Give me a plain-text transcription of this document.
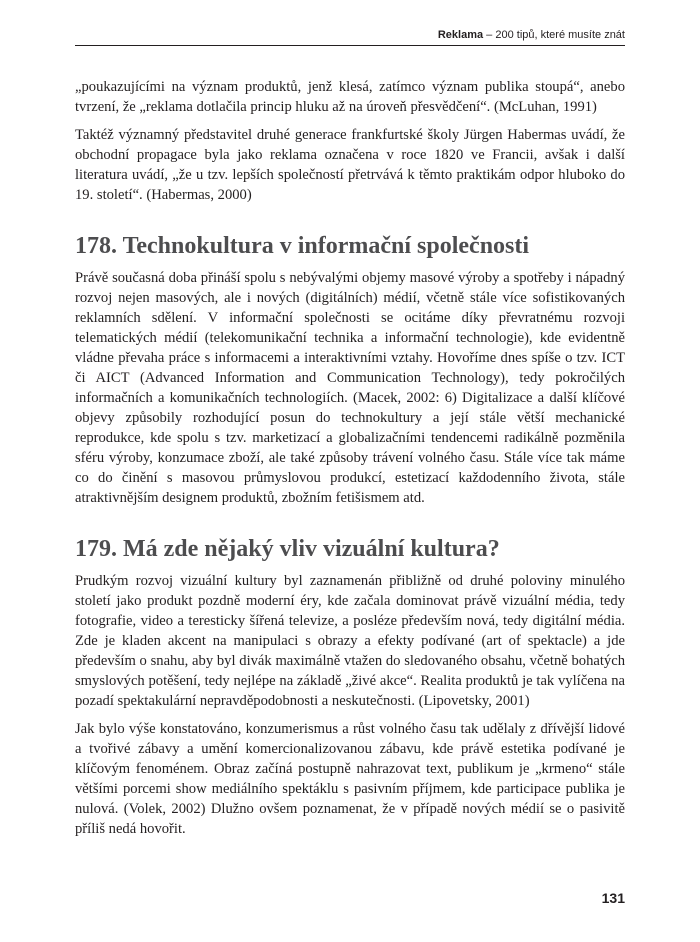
Reklama – 200 tipů, které musíte znát

„poukazujícími na význam produktů, jenž klesá, zatímco význam publika stoupá“, anebo tvrzení, že „reklama dotlačila princip hluku až na úroveň přesvědčení“. (McLuhan, 1991)

Taktéž významný představitel druhé generace frankfurtské školy Jürgen Habermas uvádí, že obchodní propagace byla jako reklama označena v roce 1820 ve Francii, avšak i další literatura uvádí, „že u tzv. lepších společností přetrvává k těmto praktikám odpor hluboko do 19. století“. (Habermas, 2000)

178. Technokultura v informační společnosti

Právě současná doba přináší spolu s nebývalými objemy masové výroby a spotřeby i nápadný rozvoj nejen masových, ale i nových (digitálních) médií, včetně stále více sofistikovaných reklamních sdělení. V informační společnosti se ocitáme díky převratnému rozvoji telematických médií (telekomunikační technika a informační technologie), kde evidentně vládne převaha práce s informacemi a interaktivními vztahy. Hovoříme dnes spíše o tzv. ICT či AICT (Advanced Information and Communication Technology), tedy pokročilých informačních a komunikačních technologiích. (Macek, 2002: 6) Digitalizace a další klíčové objevy způsobily rozhodující posun do technokultury a její stále větší mechanické reprodukce, kde spolu s tzv. marketizací a globalizačními tendencemi radikálně pozměnila sféru výroby, konzumace zboží, ale také způsoby trávení volného času. Stále více tak máme co do činění s masovou průmyslovou produkcí, estetizací každodenního života, stále atraktivnějším designem produktů, zbožním fetišismem atd.

179. Má zde nějaký vliv vizuální kultura?

Prudkým rozvoj vizuální kultury byl zaznamenán přibližně od druhé poloviny minulého století jako produkt pozdně moderní éry, kde začala dominovat právě vizuální média, tedy fotografie, video a teresticky šířená televize, a posléze především nová, tedy digitální média. Zde je kladen akcent na manipulaci s obrazy a efekty podívané (art of spektacle) a jde především o snahu, aby byl divák maximálně vtažen do sledovaného obsahu, včetně bohatých smyslových potěšení, tedy nejlépe na základě „živé akce“. Realita produktů je tak vylíčena na pozadí spektakulární nepravděpodobnosti a neskutečnosti. (Lipovetsky, 2001)

Jak bylo výše konstatováno, konzumerismus a růst volného času tak udělaly z dřívější lidové a tvořivé zábavy a umění komercionalizovanou zábavu, kde právě estetika podívané je klíčovým fenoménem. Obraz začíná postupně nahrazovat text, publikum je „krmeno“ stále většími porcemi show mediálního spektáklu s pasivním příjmem, kde participace publika je nulová. (Volek, 2002) Dlužno ovšem poznamenat, že v případě nových médií se o pasivitě příliš nedá hovořit.

131
